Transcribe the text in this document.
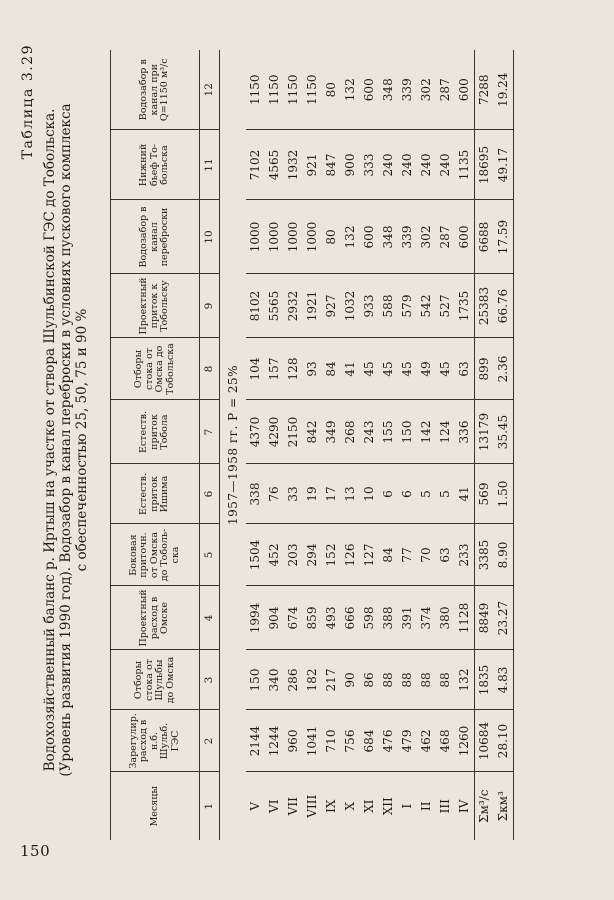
150
Таблица 3.29
Водохозяйственный баланс р. Иртыш на участке от створа Шульбинской ГЭС до Тобольска. (Уровень развития 1990 год). Водозабор в канал переброски в условиях пускового комплекса с обеспеченностью 25, 50, 75 и 90 %
Месяцы	Зарегулир. расход в н.б. Шульб. ГЭС	Отборы стока от Шульбы до Омска	Проектный расход в Омске	Боковая приточн. от Омска до Тоболь-ска	Естеств. приток Ишима	Естеств. приток Тобола	Отборы стока от Омска до Тобольска	Проектный приток к Тобольску	Водозабор в канал переброски	Нижний бьеф То-больска	Водозабор в канал при Q=1150 м³/с
1	2	3	4	5	6	7	8	9	10	11	12
1957—1958 гг. P = 25%											
V	2144	150	1994	1504	338	4370	104	8102	1000	7102	1150
VI	1244	340	904	452	76	4290	157	5565	1000	4565	1150
VII	960	286	674	203	33	2150	128	2932	1000	1932	1150
VIII	1041	182	859	294	19	842	93	1921	1000	921	1150
IX	710	217	493	152	17	349	84	927	80	847	80
X	756	90	666	126	13	268	41	1032	132	900	132
XI	684	86	598	127	10	243	45	933	600	333	600
XII	476	88	388	84	6	155	45	588	348	240	348
I	479	88	391	77	6	150	45	579	339	240	339
II	462	88	374	70	5	142	49	542	302	240	302
III	468	88	380	63	5	124	45	527	287	240	287
IV	1260	132	1128	233	41	336	63	1735	600	1135	600
Σм³/с	10684	1835	8849	3385	569	13179	899	25383	6688	18695	7288
Σкм³	28.10	4.83	23.27	8.90	1.50	35.45	2.36	66.76	17.59	49.17	19.24
